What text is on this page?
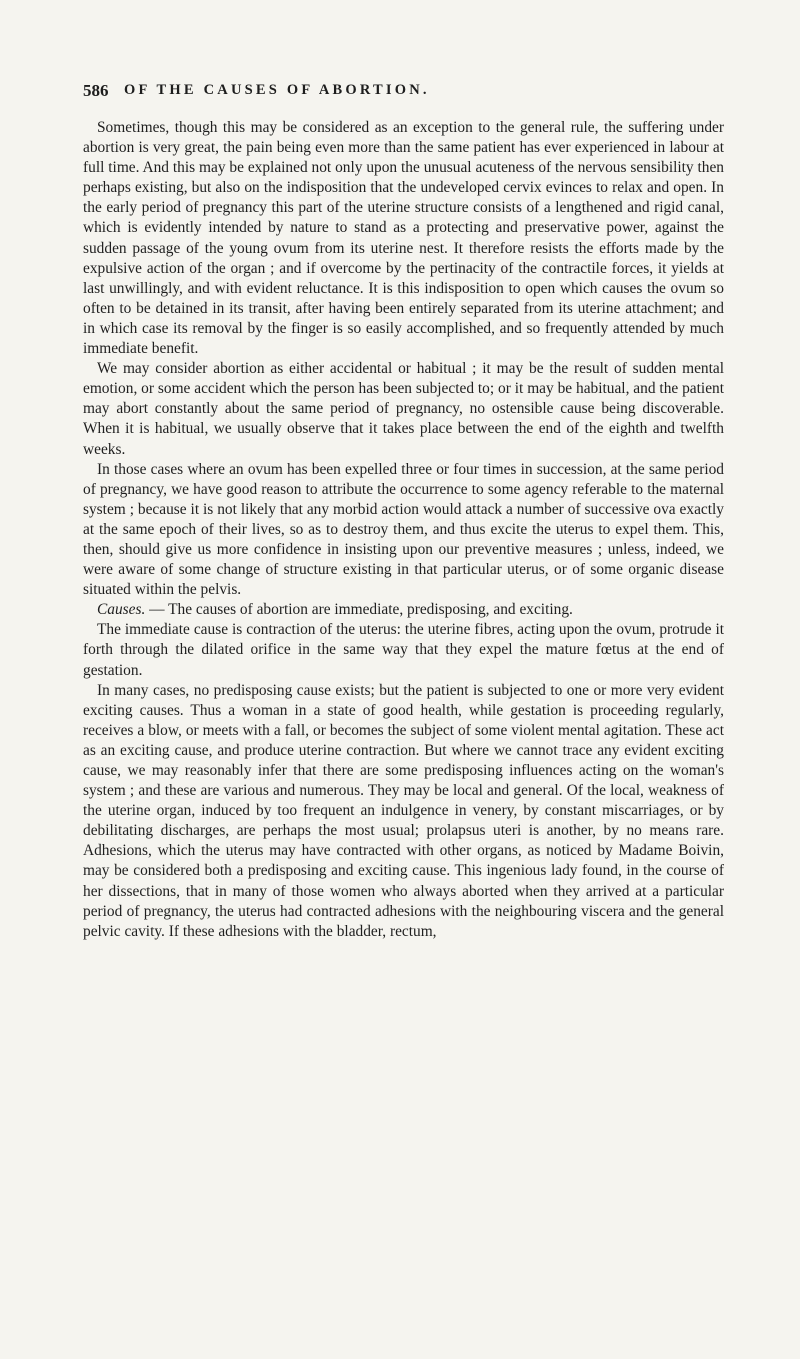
586 OF THE CAUSES OF ABORTION.

Sometimes, though this may be considered as an exception to the general rule, the suffering under abortion is very great, the pain being even more than the same patient has ever experienced in labour at full time. And this may be explained not only upon the unusual acuteness of the nervous sensibility then perhaps existing, but also on the indisposition that the undeveloped cervix evinces to relax and open. In the early period of pregnancy this part of the uterine structure consists of a lengthened and rigid canal, which is evidently intended by nature to stand as a protecting and preservative power, against the sudden passage of the young ovum from its uterine nest. It therefore resists the efforts made by the expulsive action of the organ ; and if overcome by the pertinacity of the contractile forces, it yields at last unwillingly, and with evident reluctance. It is this indisposition to open which causes the ovum so often to be detained in its transit, after having been entirely separated from its uterine attachment; and in which case its removal by the finger is so easily accomplished, and so frequently attended by much immediate benefit.

We may consider abortion as either accidental or habitual ; it may be the result of sudden mental emotion, or some accident which the person has been subjected to; or it may be habitual, and the patient may abort constantly about the same period of pregnancy, no ostensible cause being discoverable. When it is habitual, we usually observe that it takes place between the end of the eighth and twelfth weeks.

In those cases where an ovum has been expelled three or four times in succession, at the same period of pregnancy, we have good reason to attribute the occurrence to some agency referable to the maternal system ; because it is not likely that any morbid action would attack a number of successive ova exactly at the same epoch of their lives, so as to destroy them, and thus excite the uterus to expel them. This, then, should give us more confidence in insisting upon our preventive measures ; unless, indeed, we were aware of some change of structure existing in that particular uterus, or of some organic disease situated within the pelvis.

Causes. — The causes of abortion are immediate, predisposing, and exciting.

The immediate cause is contraction of the uterus: the uterine fibres, acting upon the ovum, protrude it forth through the dilated orifice in the same way that they expel the mature fœtus at the end of gestation.

In many cases, no predisposing cause exists; but the patient is subjected to one or more very evident exciting causes. Thus a woman in a state of good health, while gestation is proceeding regularly, receives a blow, or meets with a fall, or becomes the subject of some violent mental agitation. These act as an exciting cause, and produce uterine contraction. But where we cannot trace any evident exciting cause, we may reasonably infer that there are some predisposing influences acting on the woman's system ; and these are various and numerous. They may be local and general. Of the local, weakness of the uterine organ, induced by too frequent an indulgence in venery, by constant miscarriages, or by debilitating discharges, are perhaps the most usual; prolapsus uteri is another, by no means rare. Adhesions, which the uterus may have contracted with other organs, as noticed by Madame Boivin, may be considered both a predisposing and exciting cause. This ingenious lady found, in the course of her dissections, that in many of those women who always aborted when they arrived at a particular period of pregnancy, the uterus had contracted adhesions with the neighbouring viscera and the general pelvic cavity. If these adhesions with the bladder, rectum,
